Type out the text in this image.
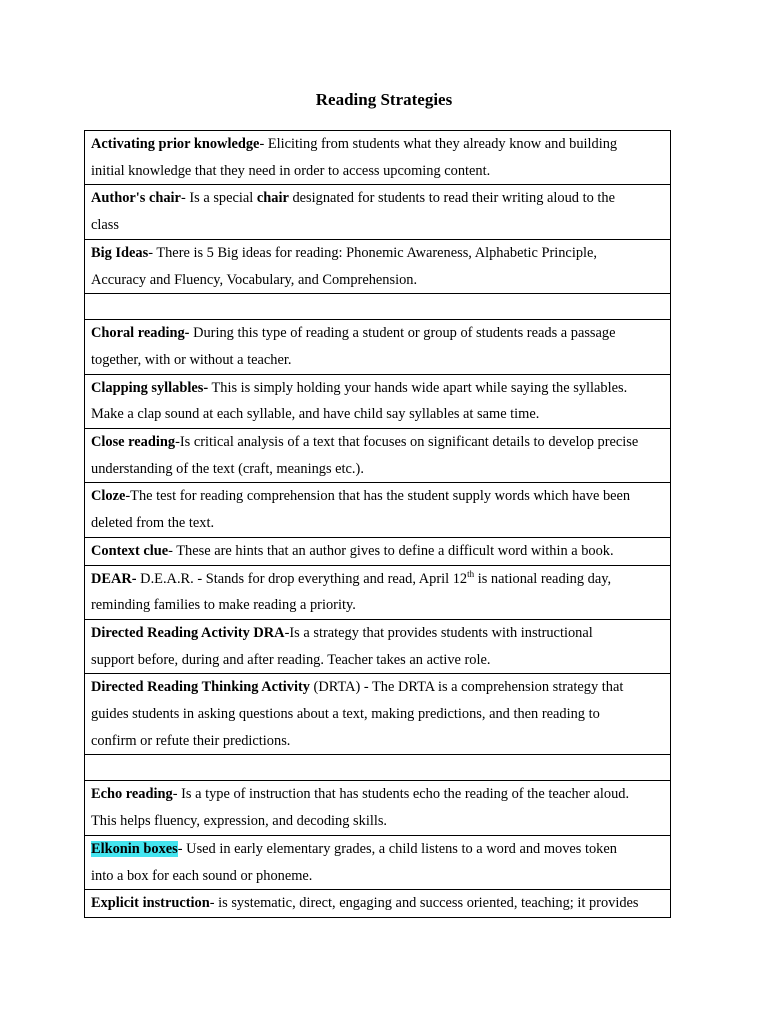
Reading Strategies
Activating prior knowledge- Eliciting from students what they already know and building
initial knowledge that they need in order to access upcoming content.
Author's chair- Is a special chair designated for students to read their writing aloud to the
class
Big Ideas- There is 5 Big ideas for reading: Phonemic Awareness, Alphabetic Principle,
Accuracy and Fluency, Vocabulary, and Comprehension.

Choral reading- During this type of reading a student or group of students reads a passage
together, with or without a teacher.
Clapping syllables- This is simply holding your hands wide apart while saying the syllables.
Make a clap sound at each syllable, and have child say syllables at same time.
Close reading-Is critical analysis of a text that focuses on significant details to develop precise
understanding of the text (craft, meanings etc.).
Cloze-The test for reading comprehension that has the student supply words which have been
deleted from the text.
Context clue- These are hints that an author gives to define a difficult word within a book.
DEAR- D.E.A.R. - Stands for drop everything and read, April 12th is national reading day,
reminding families to make reading a priority.
Directed Reading Activity DRA-Is a strategy that provides students with instructional
support before, during and after reading. Teacher takes an active role.
Directed Reading Thinking Activity (DRTA) - The DRTA is a comprehension strategy that
guides students in asking questions about a text, making predictions, and then reading to
confirm or refute their predictions.

Echo reading- Is a type of instruction that has students echo the reading of the teacher aloud.
This helps fluency, expression, and decoding skills.
Elkonin boxes- Used in early elementary grades, a child listens to a word and moves token
into a box for each sound or phoneme.
Explicit instruction- is systematic, direct, engaging and success oriented, teaching; it provides
